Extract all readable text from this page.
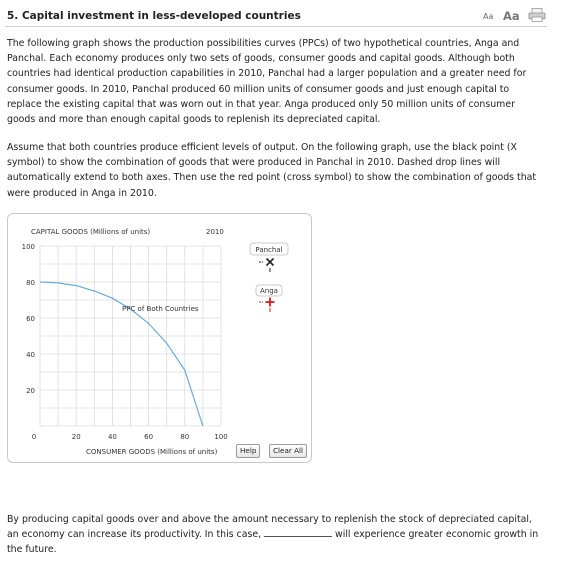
5. Capital investment in less-developed countries	Aa Aa
The following graph shows the production possibilities curves (PPCs) of two hypothetical countries, Anga and Panchal. Each economy produces only two sets of goods, consumer goods and capital goods. Although both countries had identical production capabilities in 2010, Panchal had a larger population and a greater need for consumer goods. In 2010, Panchal produced 60 million units of consumer goods and just enough capital to replace the existing capital that was worn out in that year. Anga produced only 50 million units of consumer goods and more than enough capital goods to replenish its depreciated capital.
Assume that both countries produce efficient levels of output. On the following graph, use the black point (X symbol) to show the combination of goods that were produced in Panchal in 2010. Dashed drop lines will automatically extend to both axes. Then use the red point (cross symbol) to show the combination of goods that were produced in Anga in 2010.
0	20	40	60	80	100
20
40
60
80
100
PPC of Both Countries
CAPITAL GOODS (Millions of units)	2010
CONSUMER GOODS (Millions of units)
Panchal
Anga
Help	Clear All
By producing capital goods over and above the amount necessary to replenish the stock of depreciated capital, an economy can increase its productivity. In this case,	will experience greater economic growth in the future.
